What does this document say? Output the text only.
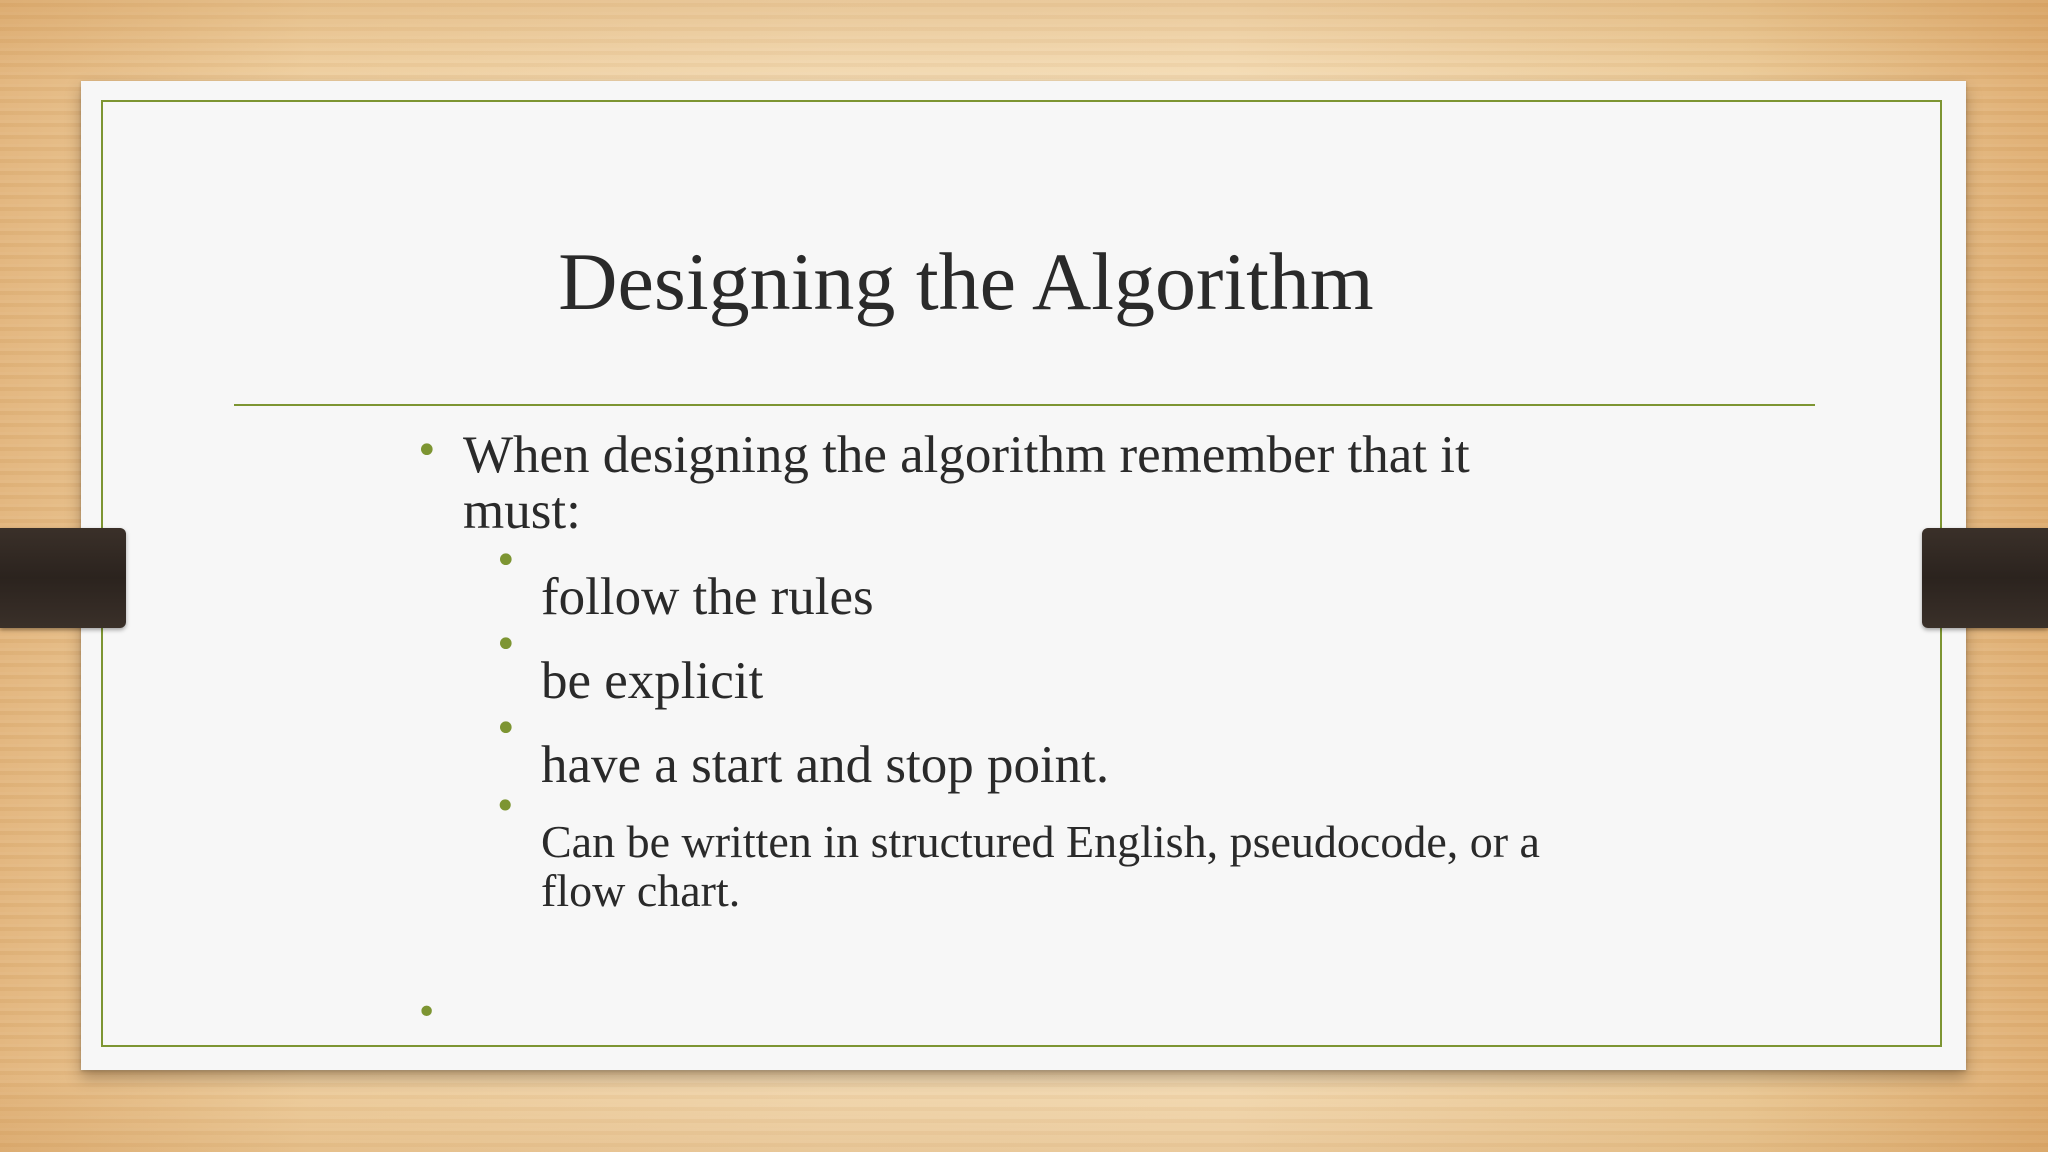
Designing the Algorithm
• When designing the algorithm remember that it
must:
•
follow the rules
•
be explicit
•
have a start and stop point.
•
Can be written in structured English, pseudocode, or a
flow chart.
•
